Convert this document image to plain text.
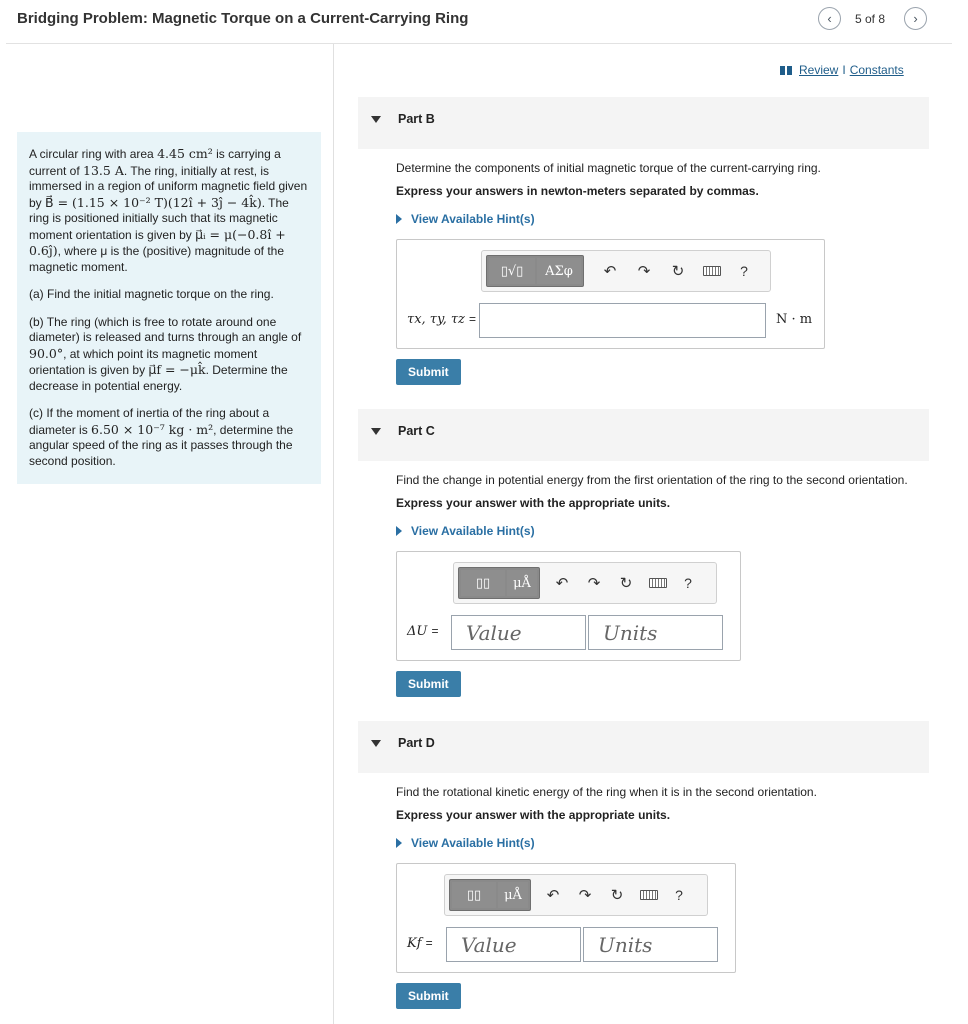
Bridging Problem: Magnetic Torque on a Current-Carrying Ring	‹ 5 of 8 ›

A circular ring with area 4.45 cm² is carrying a current of 13.5 A. The ring, initially at rest, is immersed in a region of uniform magnetic field given by B⃗ = (1.15 × 10⁻² T)(12î + 3ĵ − 4k̂). The ring is positioned initially such that its magnetic moment orientation is given by μ⃗ᵢ = μ(−0.8î + 0.6ĵ), where μ is the (positive) magnitude of the magnetic moment.

(a) Find the initial magnetic torque on the ring.

(b) The ring (which is free to rotate around one diameter) is released and turns through an angle of 90.0°, at which point its magnetic moment orientation is given by μ⃗f = −μk̂. Determine the decrease in potential energy.

(c) If the moment of inertia of the ring about a diameter is 6.50 × 10⁻⁷ kg · m², determine the angular speed of the ring as it passes through the second position.

Review I Constants
Part B
Determine the components of initial magnetic torque of the current-carrying ring.
Express your answers in newton-meters separated by commas.
View Available Hint(s)
▯√▯	ΑΣφ	↶	↷	↻	?
τx, τy, τz =	N · m
Submit
Part C
Find the change in potential energy from the first orientation of the ring to the second orientation.
Express your answer with the appropriate units.
View Available Hint(s)
▯▯	μÅ	↶	↷	↻	?
ΔU =	Value	Units
Submit
Part D
Find the rotational kinetic energy of the ring when it is in the second orientation.
Express your answer with the appropriate units.
View Available Hint(s)
▯▯	μÅ	↶	↷	↻	?
Kf =	Value	Units
Submit
